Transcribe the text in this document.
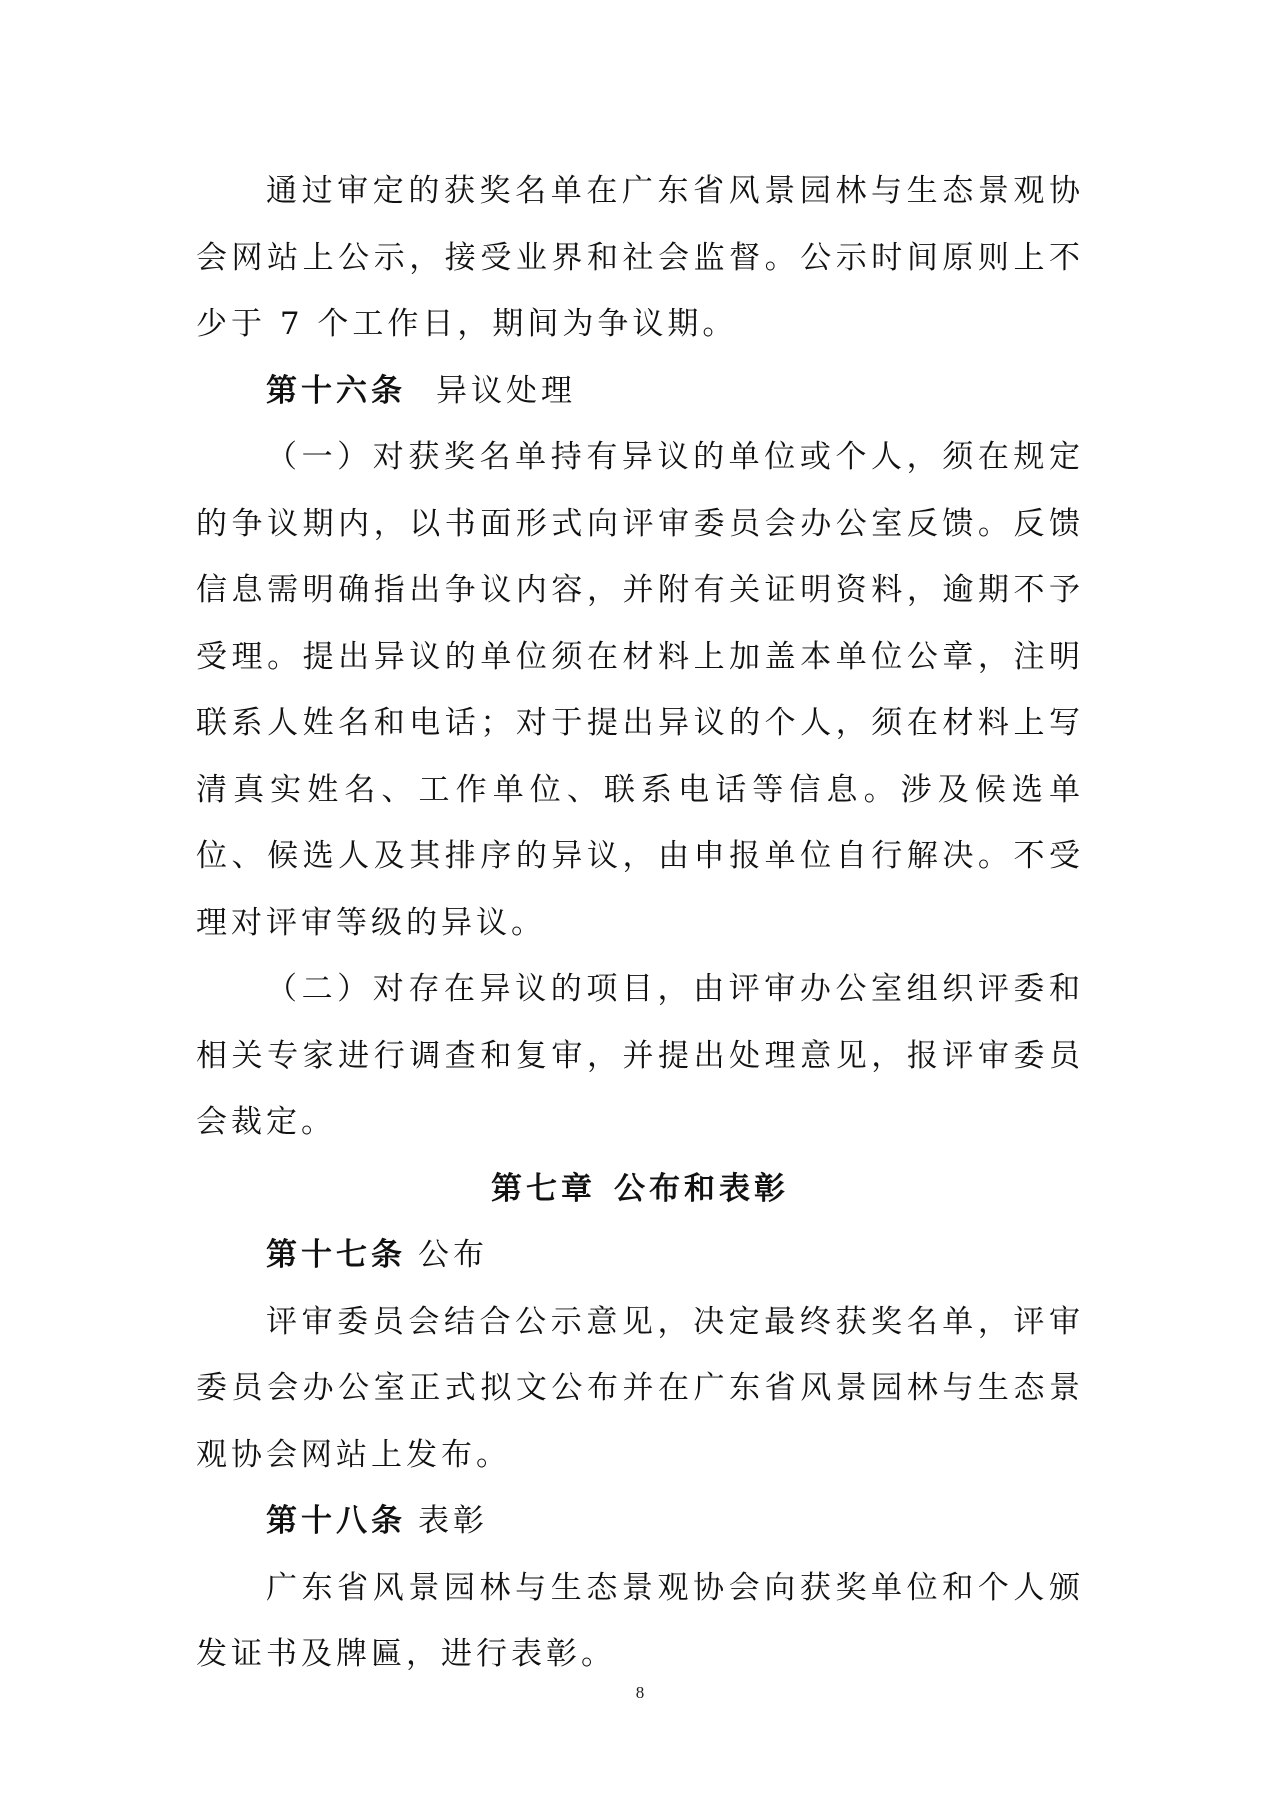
通过审定的获奖名单在广东省风景园林与生态景观协会网站上公示，接受业界和社会监督。公示时间原则上不少于 7 个工作日，期间为争议期。

第十六条 异议处理

（一）对获奖名单持有异议的单位或个人，须在规定的争议期内，以书面形式向评审委员会办公室反馈。反馈信息需明确指出争议内容，并附有关证明资料，逾期不予受理。提出异议的单位须在材料上加盖本单位公章，注明联系人姓名和电话；对于提出异议的个人，须在材料上写清真实姓名、工作单位、联系电话等信息。涉及候选单位、候选人及其排序的异议，由申报单位自行解决。不受理对评审等级的异议。

（二）对存在异议的项目，由评审办公室组织评委和相关专家进行调查和复审，并提出处理意见，报评审委员会裁定。

第七章 公布和表彰

第十七条 公布

评审委员会结合公示意见，决定最终获奖名单，评审委员会办公室正式拟文公布并在广东省风景园林与生态景观协会网站上发布。

第十八条 表彰

广东省风景园林与生态景观协会向获奖单位和个人颁发证书及牌匾，进行表彰。

8
